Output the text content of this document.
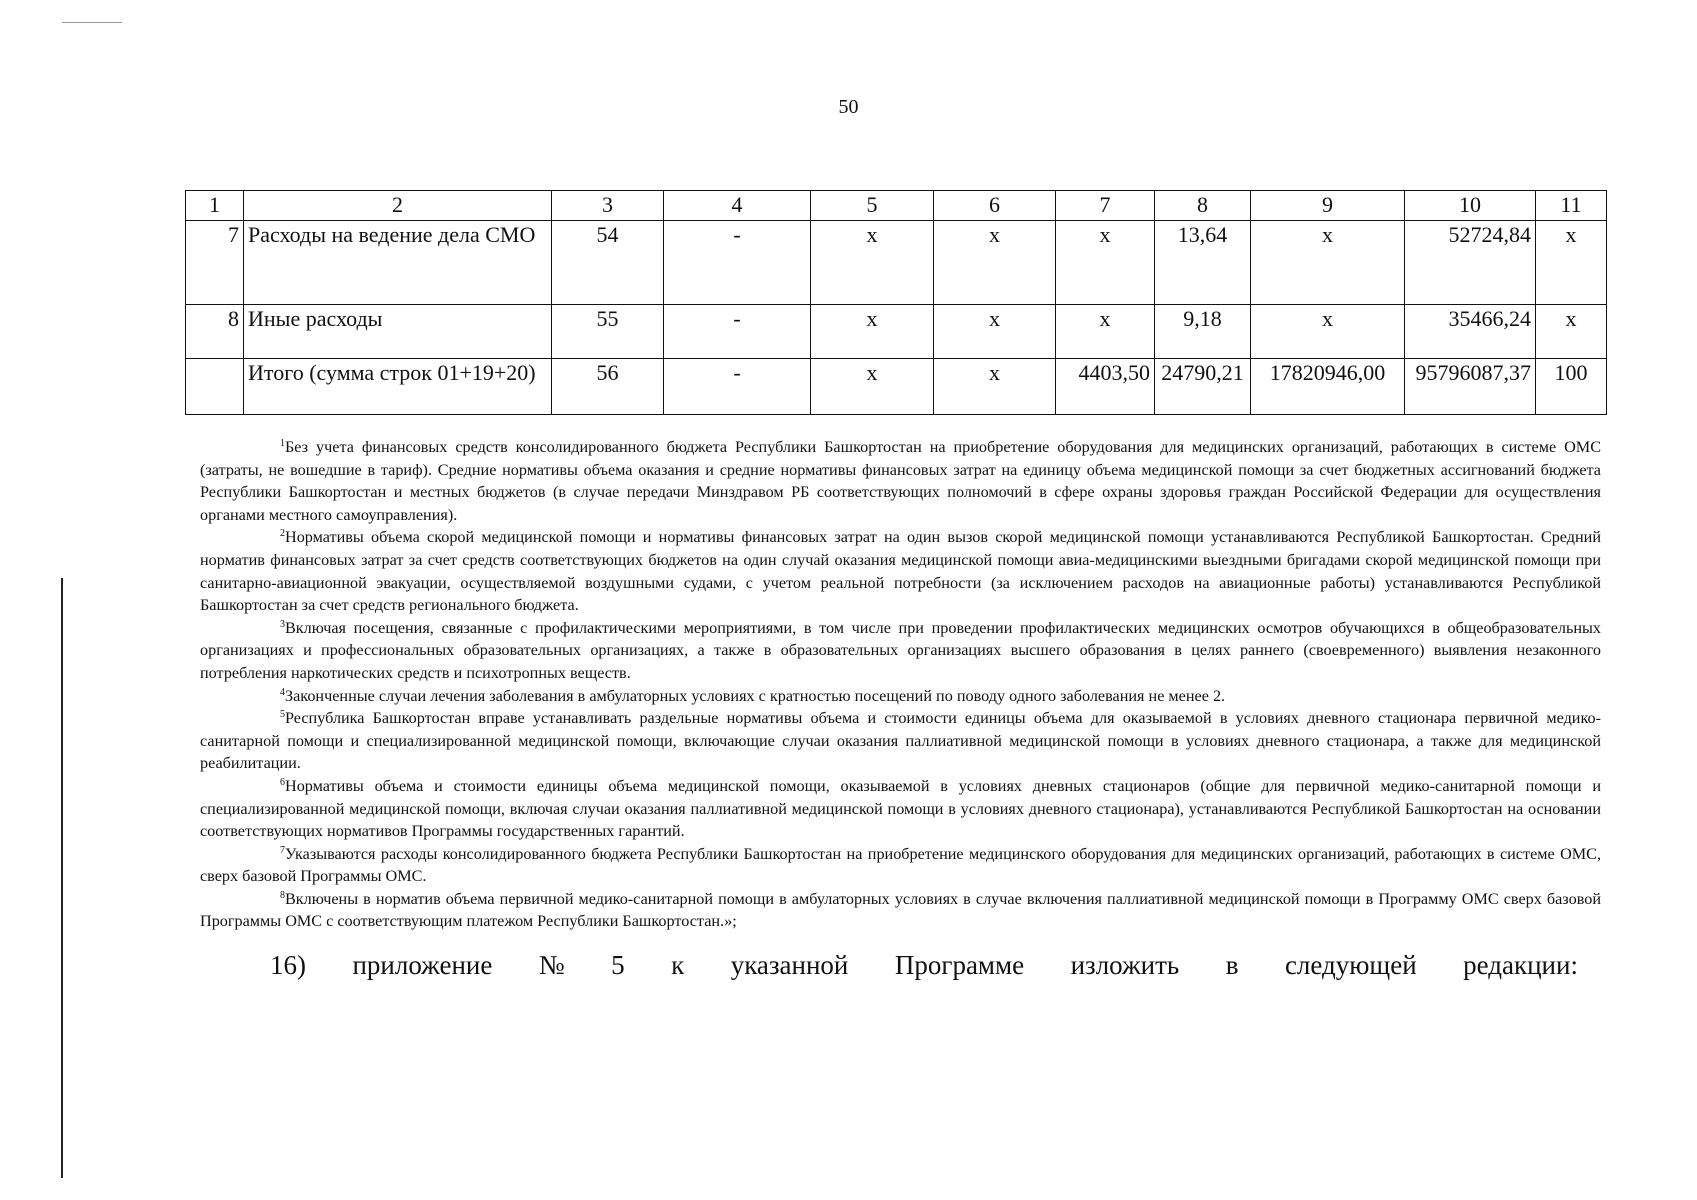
50
1	2	3	4	5	6	7	8	9	10	11
7	Расходы на ведение дела СМО	54	-	х	х	х	13,64	х	52724,84	х
8	Иные расходы	55	-	х	х	х	9,18	х	35466,24	х
	Итого (сумма строк 01+19+20)	56	-	х	х	4403,50	24790,21	17820946,00	95796087,37	100

$^1$Без учета финансовых средств консолидированного бюджета Республики Башкортостан на приобретение оборудования для медицинских организаций, работающих в системе ОМС (затраты, не вошедшие в тариф). Средние нормативы объема оказания и средние нормативы финансовых затрат на единицу объема медицинской помощи за счет бюджетных ассигнований бюджета Республики Башкортостан и местных бюджетов (в случае передачи Минздравом РБ соответствующих полномочий в сфере охраны здоровья граждан Российской Федерации для осуществления органами местного самоуправления).

$^2$Нормативы объема скорой медицинской помощи и нормативы финансовых затрат на один вызов скорой медицинской помощи устанавливаются Республикой Башкортостан. Средний норматив финансовых затрат за счет средств соответствующих бюджетов на один случай оказания медицинской помощи авиа-медицинскими выездными бригадами скорой медицинской помощи при санитарно-авиационной эвакуации, осуществляемой воздушными судами, с учетом реальной потребности (за исключением расходов на авиационные работы) устанавливаются Республикой Башкортостан за счет средств регионального бюджета.

$^3$Включая посещения, связанные с профилактическими мероприятиями, в том числе при проведении профилактических медицинских осмотров обучающихся в общеобразовательных организациях и профессиональных образовательных организациях, а также в образовательных организациях высшего образования в целях раннего (своевременного) выявления незаконного потребления наркотических средств и психотропных веществ.

$^4$Законченные случаи лечения заболевания в амбулаторных условиях с кратностью посещений по поводу одного заболевания не менее 2.

$^5$Республика Башкортостан вправе устанавливать раздельные нормативы объема и стоимости единицы объема для оказываемой в условиях дневного стационара первичной медико-санитарной помощи и специализированной медицинской помощи, включающие случаи оказания паллиативной медицинской помощи в условиях дневного стационара, а также для медицинской реабилитации.

$^6$Нормативы объема и стоимости единицы объема медицинской помощи, оказываемой в условиях дневных стационаров (общие для первичной медико-санитарной помощи и специализированной медицинской помощи, включая случаи оказания паллиативной медицинской помощи в условиях дневного стационара), устанавливаются Республикой Башкортостан на основании соответствующих нормативов Программы государственных гарантий.

$^7$Указываются расходы консолидированного бюджета Республики Башкортостан на приобретение медицинского оборудования для медицинских организаций, работающих в системе ОМС, сверх базовой Программы ОМС.

$^8$Включены в норматив объема первичной медико-санитарной помощи в амбулаторных условиях в случае включения паллиативной медицинской помощи в Программу ОМС сверх базовой Программы ОМС с соответствующим платежом Республики Башкортостан.»;

16) приложение № 5 к указанной Программе изложить в следующей редакции:
